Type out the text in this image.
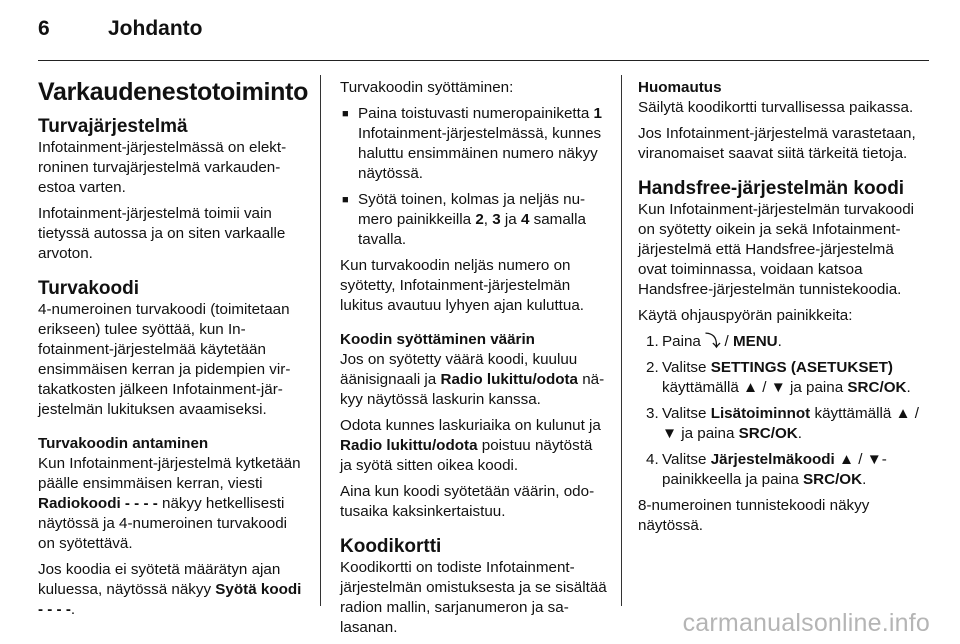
6	Johdanto
Varkaudenestotoiminto
Turvajärjestelmä

Infotainment-järjestelmässä on elektroninen turvajärjestelmä varkaudenestoa varten.

Infotainment-järjestelmä toimii vain tietyssä autossa ja on siten varkaalle arvoton.

Turvakoodi

4-numeroinen turvakoodi (toimitetaan erikseen) tulee syöttää, kun Infotainment-järjestelmää käytetään ensimmäisen kerran ja pidempien virtakatkosten jälkeen Infotainment-järjestelmän lukituksen avaamiseksi.

Turvakoodin antaminen

Kun Infotainment-järjestelmä kytketään päälle ensimmäisen kerran, viesti Radiokoodi - - - - näkyy hetkellisesti näytössä ja 4-numeroinen turvakoodi on syötettävä.

Jos koodia ei syötetä määrätyn ajan kuluessa, näytössä näkyy Syötä koodi - - - -.

Turvakoodin syöttäminen:

■ Paina toistuvasti numeropainiketta 1 Infotainment-järjestelmässä, kunnes haluttu ensimmäinen numero näkyy näytössä.
■ Syötä toinen, kolmas ja neljäs numero painikkeilla 2, 3 ja 4 samalla tavalla.

Kun turvakoodin neljäs numero on syötetty, Infotainment-järjestelmän lukitus avautuu lyhyen ajan kuluttua.

Koodin syöttäminen väärin

Jos on syötetty väärä koodi, kuuluu äänisignaali ja Radio lukittu/odota näkyy näytössä laskurin kanssa.

Odota kunnes laskuriaika on kulunut ja Radio lukittu/odota poistuu näytöstä ja syötä sitten oikea koodi.

Aina kun koodi syötetään väärin, odotusaika kaksinkertaistuu.

Koodikortti

Koodikortti on todiste Infotainment-järjestelmän omistuksesta ja se sisältää radion mallin, sarjanumeron ja salasanan.

Huomautus

Säilytä koodikortti turvallisessa paikassa.

Jos Infotainment-järjestelmä varastetaan, viranomaiset saavat siitä tärkeitä tietoja.

Handsfree-järjestelmän koodi

Kun Infotainment-järjestelmän turvakoodi on syötetty oikein ja sekä Infotainment-järjestelmä että Handsfree-järjestelmä ovat toiminnassa, voidaan katsoa Handsfree-järjestelmän tunnistekoodia.

Käytä ohjauspyörän painikkeita:

1. Paina ⤵ / MENU.
2. Valitse SETTINGS (ASETUKSET) käyttämällä ▲ / ▼ ja paina SRC/OK.
3. Valitse Lisätoiminnot käyttämällä ▲ / ▼ ja paina SRC/OK.
4. Valitse Järjestelmäkoodi ▲ / ▼-painikkeella ja paina SRC/OK.

8-numeroinen tunnistekoodi näkyy näytössä.

carmanualsonline.info
